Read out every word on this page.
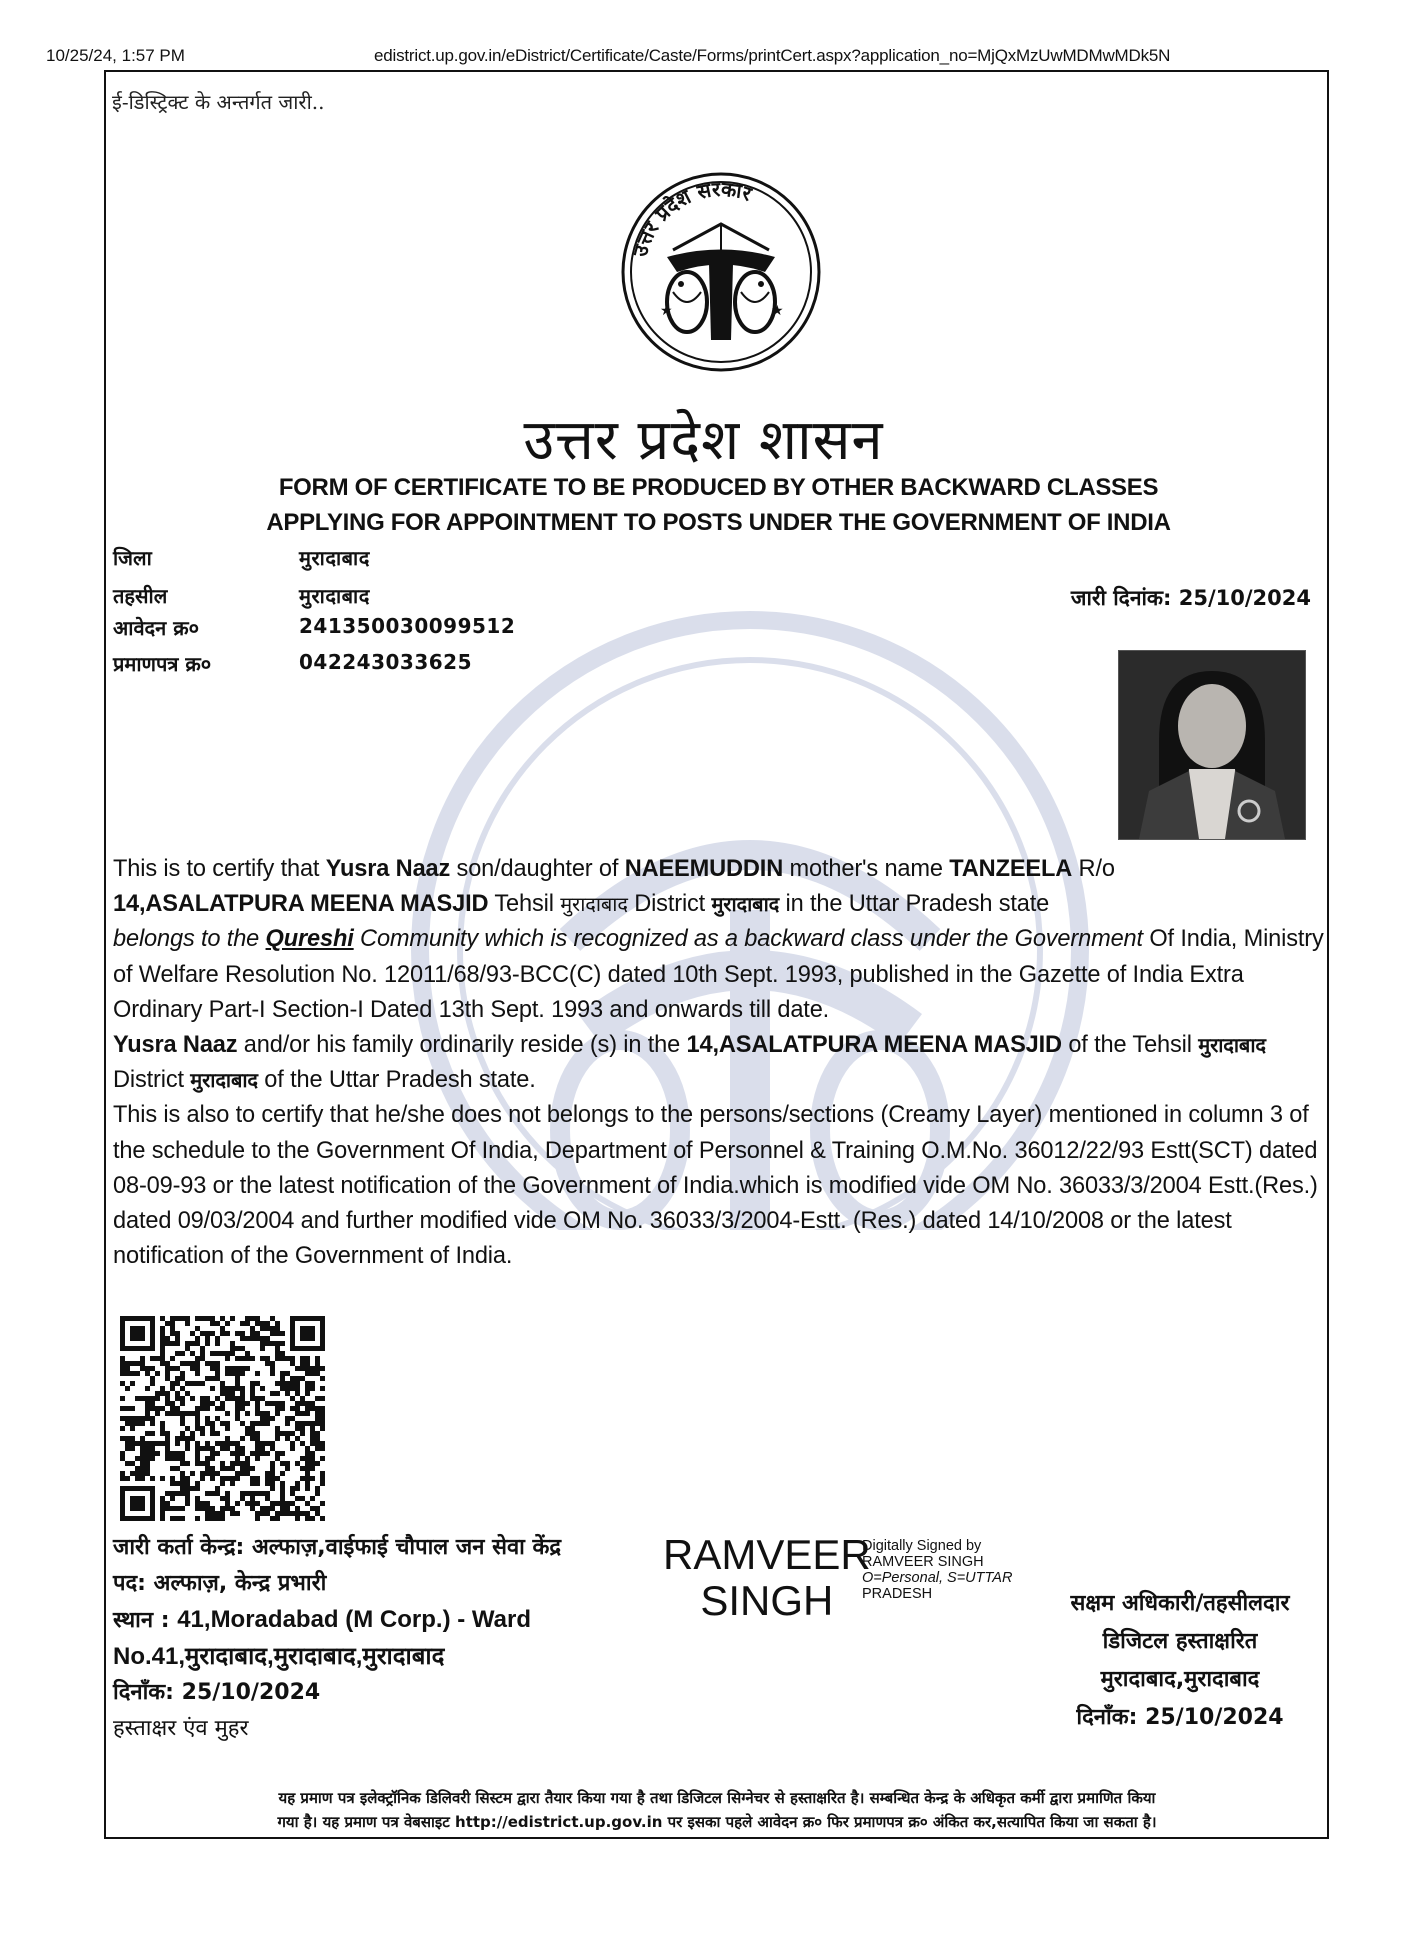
10/25/24, 1:57 PM	edistrict.up.gov.in/eDistrict/Certificate/Caste/Forms/printCert.aspx?application_no=MjQxMzUwMDMwMDk5N
ई-डिस्ट्रिक्ट के अन्तर्गत जारी..
उत्तर प्रदेश सरकार
★	★
उत्तर प्रदेश शासन
FORM OF CERTIFICATE TO BE PRODUCED BY OTHER BACKWARD CLASSES
APPLYING FOR APPOINTMENT TO POSTS UNDER THE GOVERNMENT OF INDIA
जिला	मुरादाबाद
तहसील	मुरादाबाद
आवेदन क्र०	241350030099512
प्रमाणपत्र क्र०	042243033625
जारी दिनांक: 25/10/2024

This is to certify that Yusra Naaz son/daughter of NAEEMUDDIN mother's name TANZEELA R/o
14,ASALATPURA MEENA MASJID Tehsil मुरादाबाद District मुरादाबाद in the Uttar Pradesh state
belongs to the Qureshi Community which is recognized as a backward class under the Government Of India, Ministry of Welfare Resolution No. 12011/68/93-BCC(C) dated 10th Sept. 1993, published in the Gazette of India Extra Ordinary Part-I Section-I Dated 13th Sept. 1993 and onwards till date.

Yusra Naaz and/or his family ordinarily reside (s) in the 14,ASALATPURA MEENA MASJID of the Tehsil मुरादाबाद District मुरादाबाद of the Uttar Pradesh state.

This is also to certify that he/she does not belongs to the persons/sections (Creamy Layer) mentioned in column 3 of the schedule to the Government Of India, Department of Personnel & Training O.M.No. 36012/22/93 Estt(SCT) dated 08-09-93 or the latest notification of the Government of India.which is modified vide OM No. 36033/3/2004 Estt.(Res.) dated 09/03/2004 and further modified vide OM No. 36033/3/2004-Estt. (Res.) dated 14/10/2008 or the latest notification of the Government of India.

जारी कर्ता केन्द्र: अल्फाज़,वाईफाई चौपाल जन सेवा केंद्र
पद: अल्फाज़, केन्द्र प्रभारी
स्थान : 41,Moradabad (M Corp.) - Ward
No.41,मुरादाबाद,मुरादाबाद,मुरादाबाद
दिनाँक: 25/10/2024
हस्ताक्षर एंव मुहर
RAMVEER
SINGH
Digitally Signed by
RAMVEER SINGH
O=Personal, S=UTTAR
PRADESH	सक्षम अधिकारी/तहसीलदार
डिजिटल हस्ताक्षरित
मुरादाबाद,मुरादाबाद
दिनाँक: 25/10/2024
यह प्रमाण पत्र इलेक्ट्रॉनिक डिलिवरी सिस्टम द्वारा तैयार किया गया है तथा डिजिटल सिग्नेचर से हस्ताक्षरित है। सम्बन्धित केन्द्र के अधिकृत कर्मी द्वारा प्रमाणित किया
गया है। यह प्रमाण पत्र वेबसाइट http://edistrict.up.gov.in पर इसका पहले आवेदन क्र० फिर प्रमाणपत्र क्र० अंकित कर,सत्यापित किया जा सकता है।
